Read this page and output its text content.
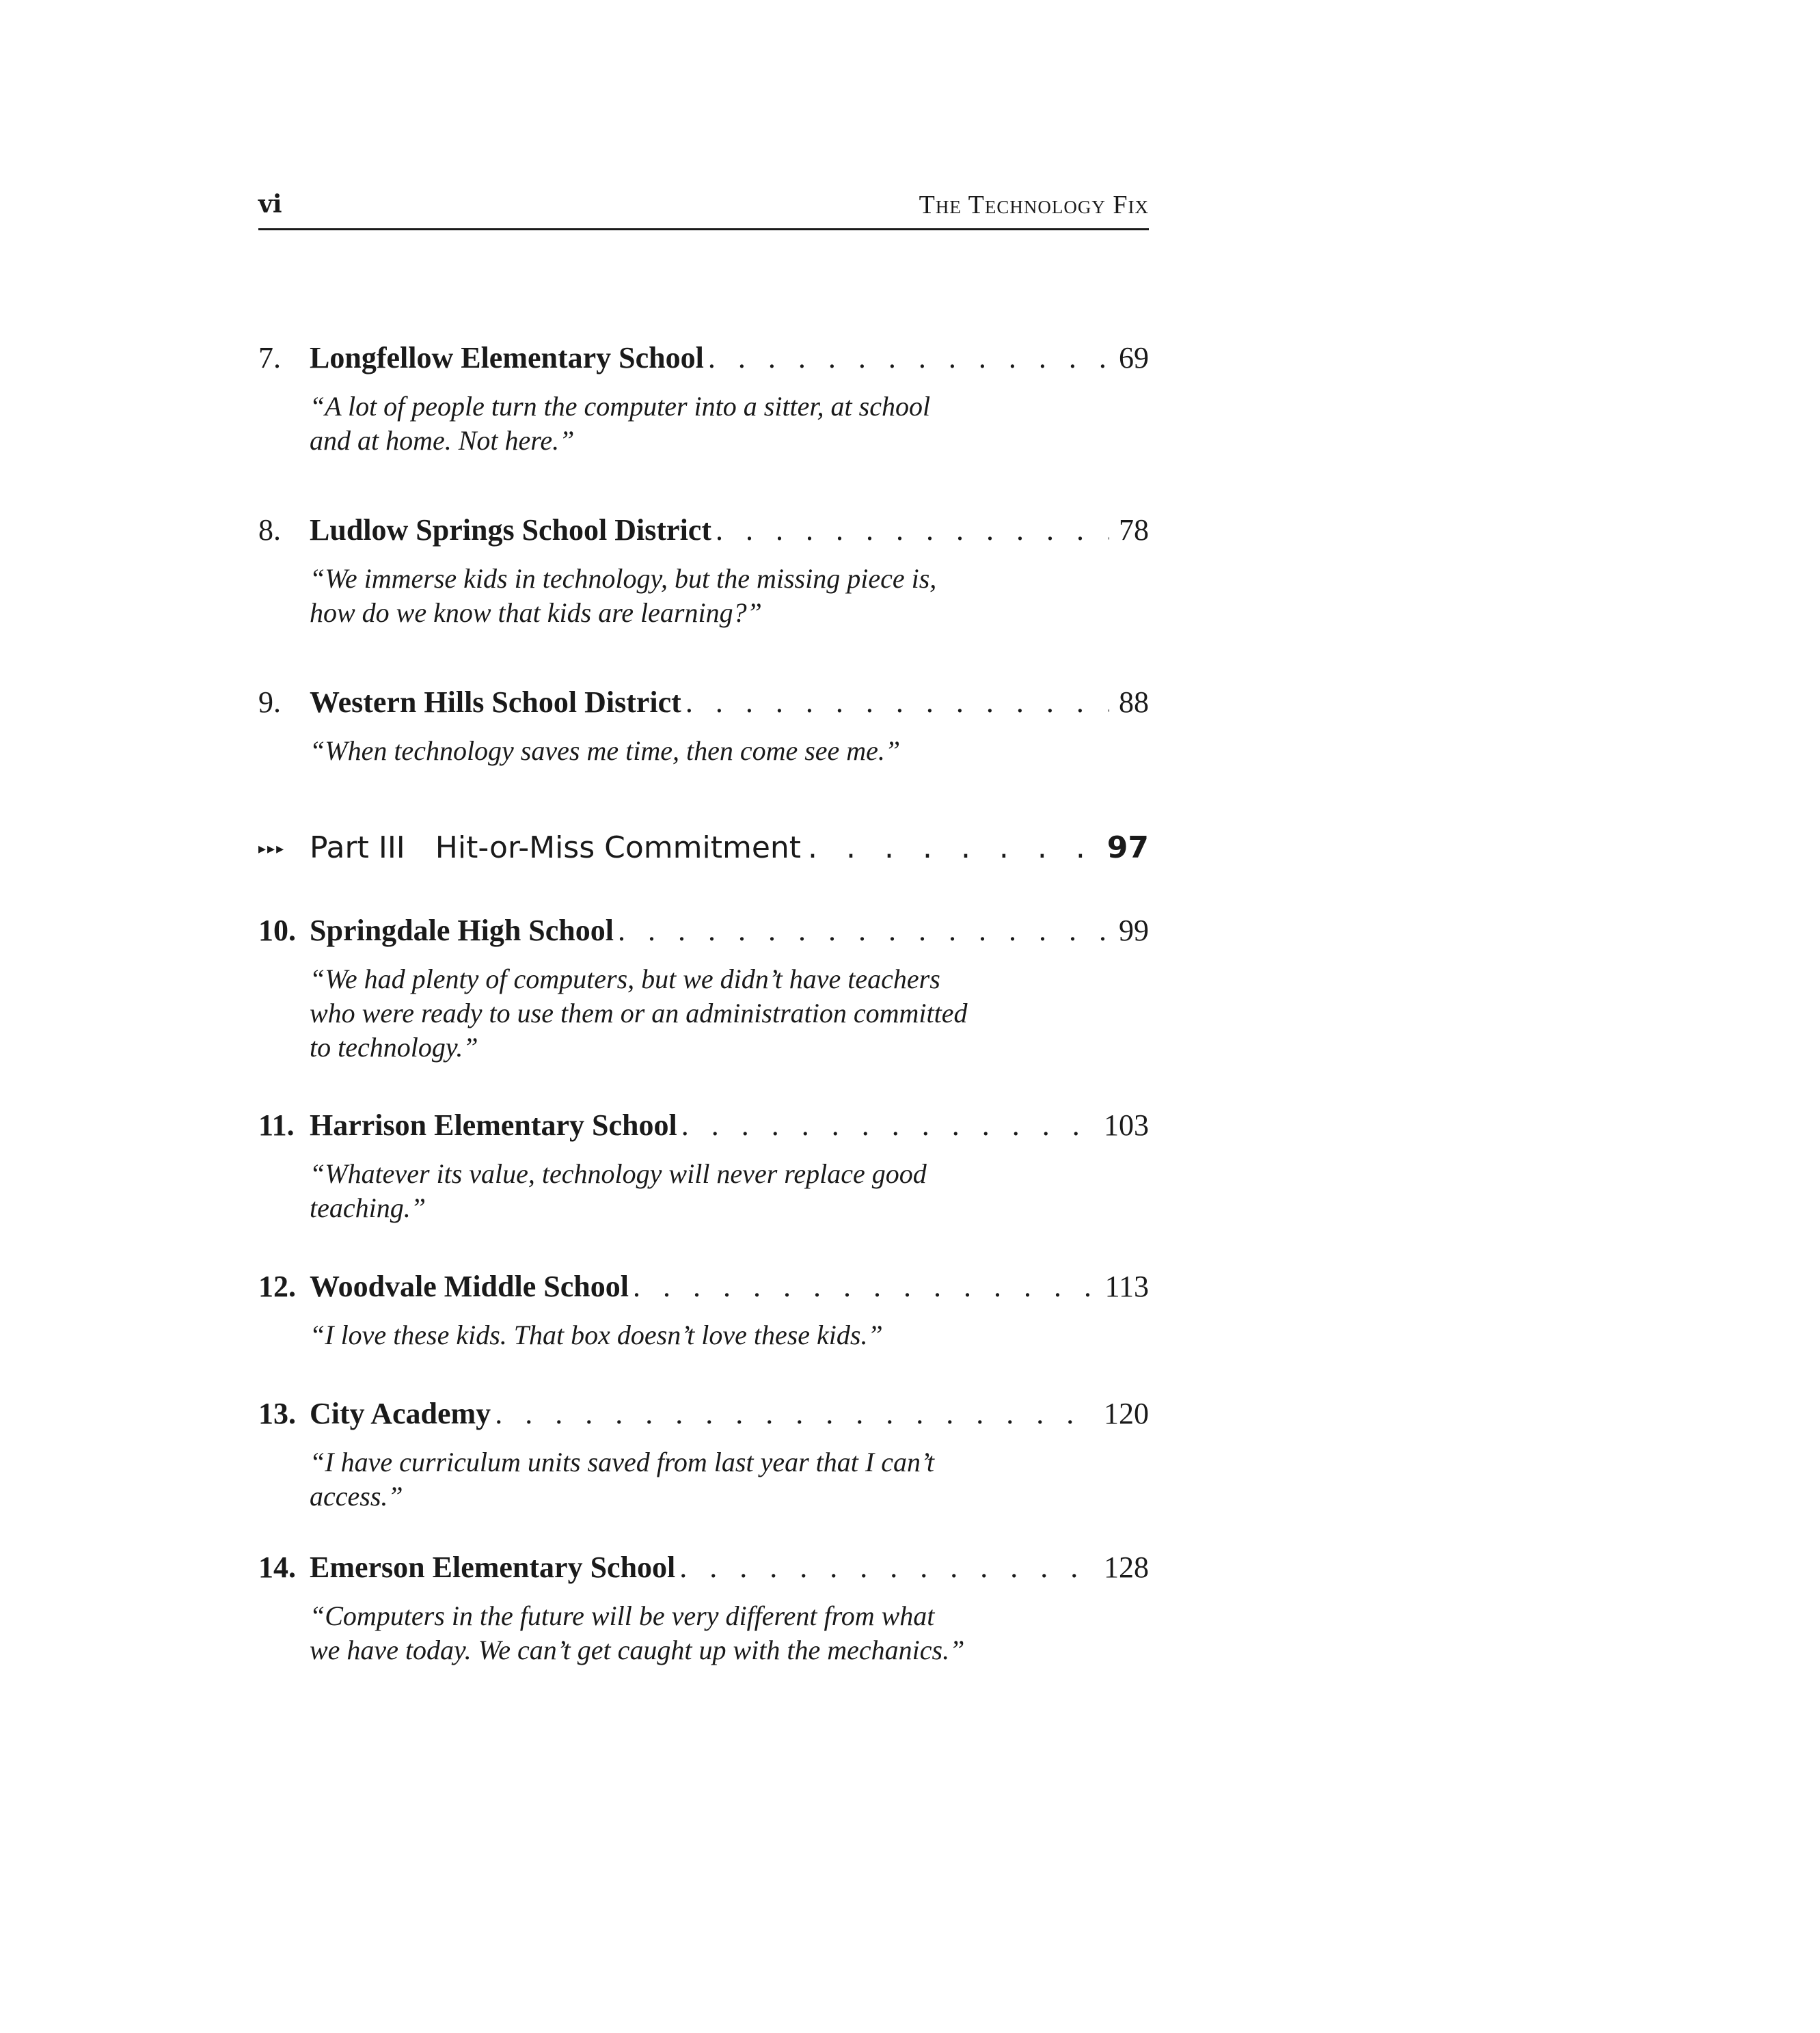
vi	The Technology Fix
7. Longfellow Elementary School . . .	69
“A lot of people turn the computer into a sitter, at school
and at home. Not here.”
8. Ludlow Springs School District . . .	78
“We immerse kids in technology, but the missing piece is,
how do we know that kids are learning?”
9. Western Hills School District . . .	88
“When technology saves me time, then come see me.”
▸▸▸ Part III	Hit-or-Miss Commitment . . .	97
10. Springdale High School . . .	99
“We had plenty of computers, but we didn’t have teachers
who were ready to use them or an administration committed
to technology.”
11. Harrison Elementary School . . .	103
“Whatever its value, technology will never replace good
teaching.”
12. Woodvale Middle School . . .	113
“I love these kids. That box doesn’t love these kids.”
13. City Academy . . .	120
“I have curriculum units saved from last year that I can’t
access.”
14. Emerson Elementary School . . .	128
“Computers in the future will be very different from what
we have today. We can’t get caught up with the mechanics.”
